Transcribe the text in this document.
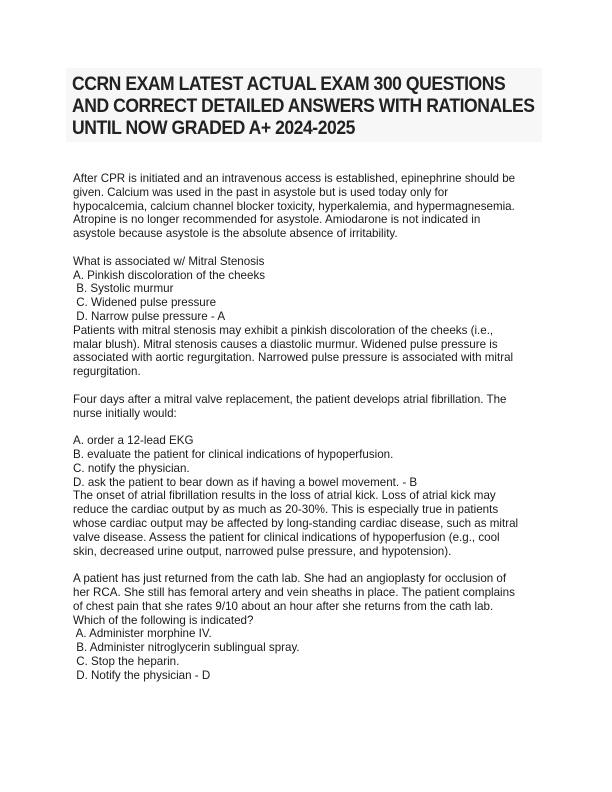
CCRN EXAM LATEST ACTUAL EXAM 300 QUESTIONS
AND CORRECT DETAILED ANSWERS WITH RATIONALES
UNTIL NOW GRADED A+ 2024-2025
After CPR is initiated and an intravenous access is established, epinephrine should be
given. Calcium was used in the past in asystole but is used today only for
hypocalcemia, calcium channel blocker toxicity, hyperkalemia, and hypermagnesemia.
Atropine is no longer recommended for asystole. Amiodarone is not indicated in
asystole because asystole is the absolute absence of irritability.
What is associated w/ Mitral Stenosis
A. Pinkish discoloration of the cheeks
B. Systolic murmur
C. Widened pulse pressure
D. Narrow pulse pressure - A
Patients with mitral stenosis may exhibit a pinkish discoloration of the cheeks (i.e.,
malar blush). Mitral stenosis causes a diastolic murmur. Widened pulse pressure is
associated with aortic regurgitation. Narrowed pulse pressure is associated with mitral
regurgitation.
Four days after a mitral valve replacement, the patient develops atrial fibrillation. The
nurse initially would:
A. order a 12-lead EKG
B. evaluate the patient for clinical indications of hypoperfusion.
C. notify the physician.
D. ask the patient to bear down as if having a bowel movement. - B
The onset of atrial fibrillation results in the loss of atrial kick. Loss of atrial kick may
reduce the cardiac output by as much as 20-30%. This is especially true in patients
whose cardiac output may be affected by long-standing cardiac disease, such as mitral
valve disease. Assess the patient for clinical indications of hypoperfusion (e.g., cool
skin, decreased urine output, narrowed pulse pressure, and hypotension).
A patient has just returned from the cath lab. She had an angioplasty for occlusion of
her RCA. She still has femoral artery and vein sheaths in place. The patient complains
of chest pain that she rates 9/10 about an hour after she returns from the cath lab.
Which of the following is indicated?
A. Administer morphine IV.
B. Administer nitroglycerin sublingual spray.
C. Stop the heparin.
D. Notify the physician - D
